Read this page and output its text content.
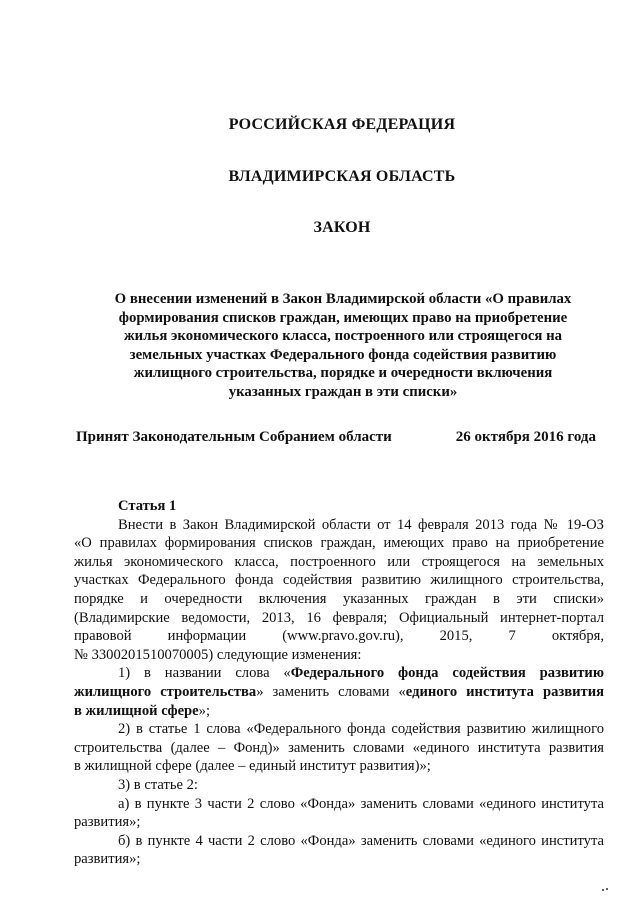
РОССИЙСКАЯ ФЕДЕРАЦИЯ
ВЛАДИМИРСКАЯ ОБЛАСТЬ
ЗАКОН
О внесении изменений в Закон Владимирской области «О правилах
формирования списков граждан, имеющих право на приобретение
жилья экономического класса, построенного или строящегося на
земельных участках Федерального фонда содействия развитию
жилищного строительства, порядке и очередности включения
указанных граждан в эти списки»
Принят Законодательным Собранием области	26 октября 2016 года
Статья 1
Внести в Закон Владимирской области от 14 февраля 2013 года № 19-ОЗ
«О правилах формирования списков граждан, имеющих право на приобретение
жилья экономического класса, построенного или строящегося на земельных
участках Федерального фонда содействия развитию жилищного строительства,
порядке и очередности включения указанных граждан в эти списки»
(Владимирские ведомости, 2013, 16 февраля; Официальный интернет-портал
правовой информации (www.pravo.gov.ru), 2015, 7 октября,
№ 3300201510070005) следующие изменения:
1) в названии слова «Федерального фонда содействия развитию
жилищного строительства» заменить словами «единого института развития
в жилищной сфере»;
2) в статье 1 слова «Федерального фонда содействия развитию жилищного
строительства (далее – Фонд)» заменить словами «единого института развития
в жилищной сфере (далее – единый институт развития)»;
3) в статье 2:
а) в пункте 3 части 2 слово «Фонда» заменить словами «единого института
развития»;
б) в пункте 4 части 2 слово «Фонда» заменить словами «единого института
развития»;
